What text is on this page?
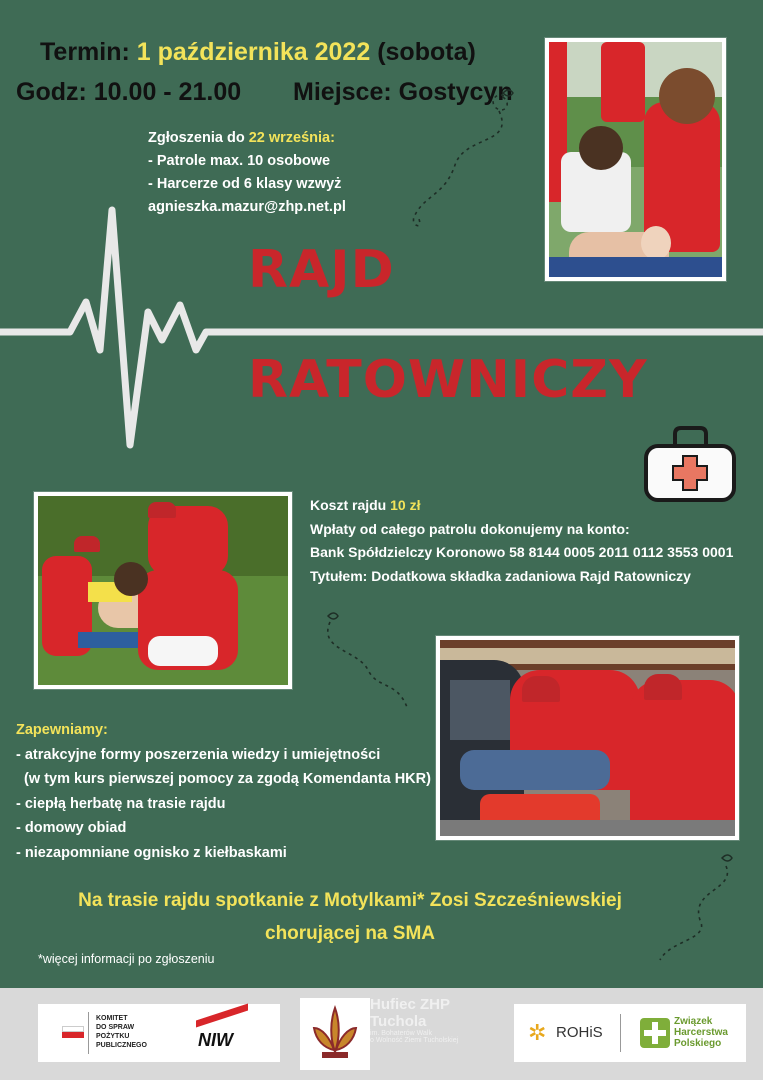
Termin: 1 października 2022 (sobota)
Godz: 10.00 - 21.00 Miejsce: Gostycyn
Zgłoszenia do 22 września:
- Patrole max. 10 osobowe
- Harcerze od 6 klasy wzwyż
agnieszka.mazur@zhp.net.pl
RAJD
RATOWNICZY
Koszt rajdu 10 zł
Wpłaty od całego patrolu dokonujemy na konto:
Bank Spółdzielczy Koronowo 58 8144 0005 2011 0112 3553 0001
Tytułem: Dodatkowa składka zadaniowa Rajd Ratowniczy
Zapewniamy:
- atrakcyjne formy poszerzenia wiedzy i umiejętności
(w tym kurs pierwszej pomocy za zgodą Komendanta HKR)
- ciepłą herbatę na trasie rajdu
- domowy obiad
- niezapomniane ognisko z kiełbaskami
Na trasie rajdu spotkanie z Motylkami* Zosi Szcześniewskiej
chorującej na SMA
*więcej informacji po zgłoszeniu
KOMITET
DO SPRAW
POŻYTKU
PUBLICZNEGO	NIW
Hufiec ZHP
Tuchola
im. Bohaterów Walk
o Wolność Ziemi Tucholskiej	✲ ROHiS
Związek
Harcerstwa
Polskiego
